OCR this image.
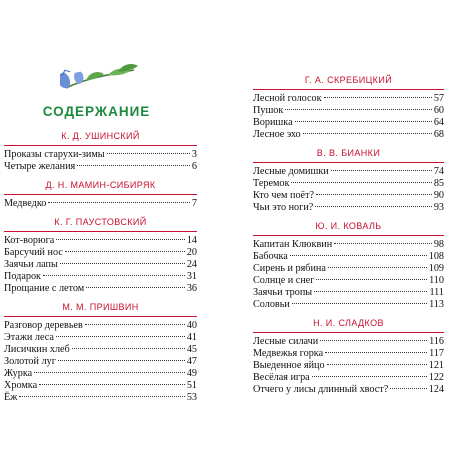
СОДЕРЖАНИЕ
К. Д. УШИНСКИЙ
Проказы старухи-зимы	3
Четыре желания	6
Д. Н. МАМИН-СИБИРЯК
Медведко	7
К. Г. ПАУСТОВСКИЙ
Кот-ворюга	14
Барсучий нос	20
Заячьи лапы	24
Подарок	31
Прощание с летом	36
М. М. ПРИШВИН
Разговор деревьев	40
Этажи леса	41
Лисичкин хлеб	45
Золотой луг	47
Журка	49
Хромка	51
Ёж	53
Г. А. СКРЕБИЦКИЙ
Лесной голосок	57
Пушок	60
Воришка	64
Лесное эхо	68
В. В. БИАНКИ
Лесные домишки	74
Теремок	85
Кто чем поёт?	90
Чьи это ноги?	93
Ю. И. КОВАЛЬ
Капитан Клюквин	98
Бабочка	108
Сирень и рябина	109
Солнце и снег	110
Заячьи тропы	111
Соловьи	113
Н. И. СЛАДКОВ
Лесные силачи	116
Медвежья горка	117
Выеденное яйцо	121
Весёлая игра	122
Отчего у лисы длинный хвост?	124
